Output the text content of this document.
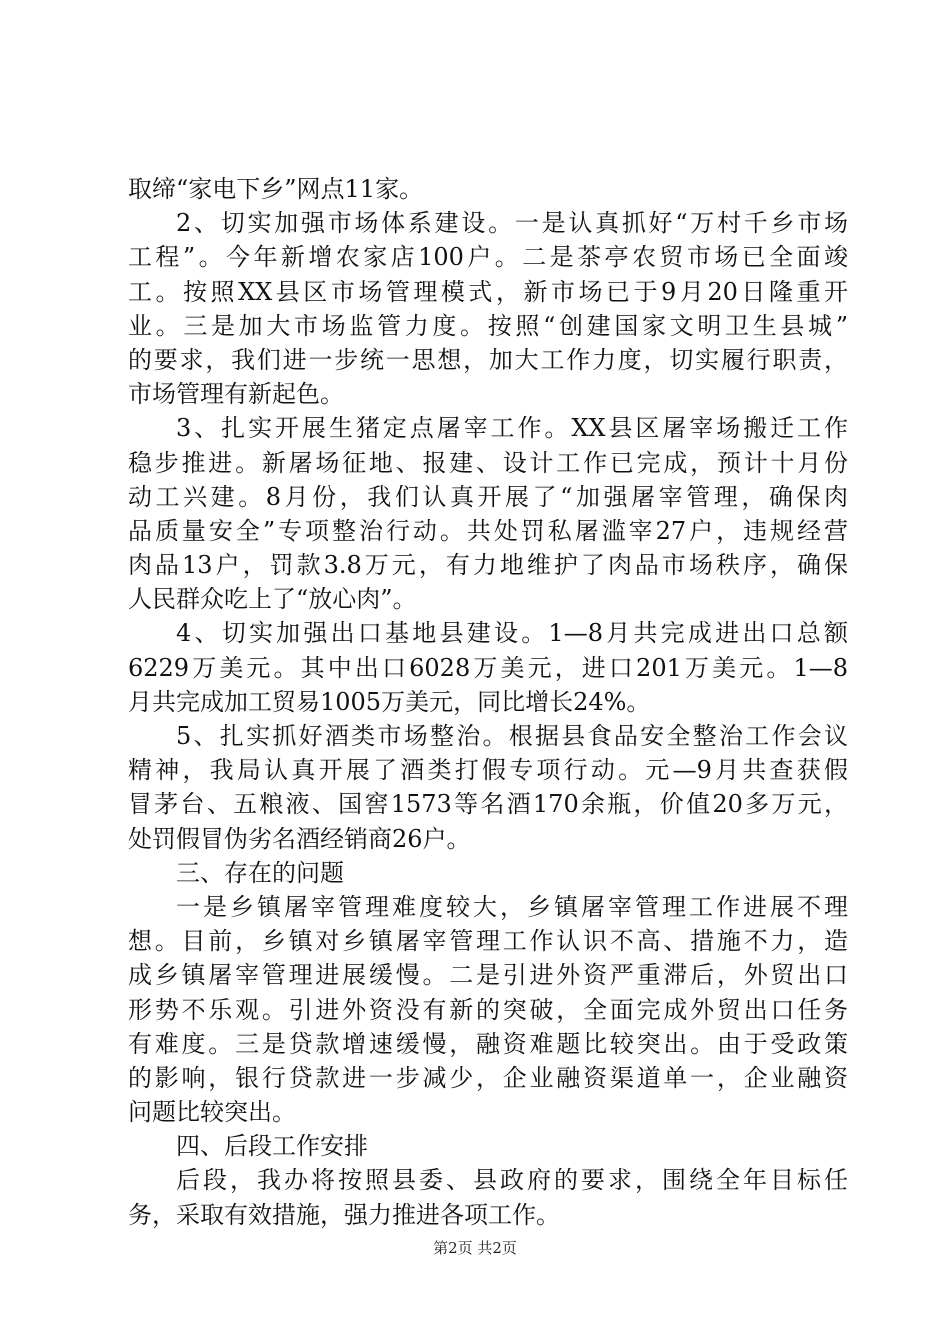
取缔“家电下乡”网点11家。
2、切实加强市场体系建设。一是认真抓好“万村千乡市场
工程”。今年新增农家店100户。二是茶亭农贸市场已全面竣
工。按照XX县区市场管理模式，新市场已于9月20日隆重开
业。三是加大市场监管力度。按照“创建国家文明卫生县城”
的要求，我们进一步统一思想，加大工作力度，切实履行职责，
市场管理有新起色。
3、扎实开展生猪定点屠宰工作。XX县区屠宰场搬迁工作
稳步推进。新屠场征地、报建、设计工作已完成，预计十月份
动工兴建。8月份，我们认真开展了“加强屠宰管理，确保肉
品质量安全”专项整治行动。共处罚私屠滥宰27户，违规经营
肉品13户，罚款3.8万元，有力地维护了肉品市场秩序，确保
人民群众吃上了“放心肉”。
4、切实加强出口基地县建设。1—8月共完成进出口总额
6229万美元。其中出口6028万美元，进口201万美元。1—8
月共完成加工贸易1005万美元，同比增长24%。
5、扎实抓好酒类市场整治。根据县食品安全整治工作会议
精神，我局认真开展了酒类打假专项行动。元—9月共查获假
冒茅台、五粮液、国窖1573等名酒170余瓶，价值20多万元，
处罚假冒伪劣名酒经销商26户。
三、存在的问题
一是乡镇屠宰管理难度较大，乡镇屠宰管理工作进展不理
想。目前，乡镇对乡镇屠宰管理工作认识不高、措施不力，造
成乡镇屠宰管理进展缓慢。二是引进外资严重滞后，外贸出口
形势不乐观。引进外资没有新的突破，全面完成外贸出口任务
有难度。三是贷款增速缓慢，融资难题比较突出。由于受政策
的影响，银行贷款进一步减少，企业融资渠道单一，企业融资
问题比较突出。
四、后段工作安排
后段，我办将按照县委、县政府的要求，围绕全年目标任
务，采取有效措施，强力推进各项工作。
第2页 共2页
